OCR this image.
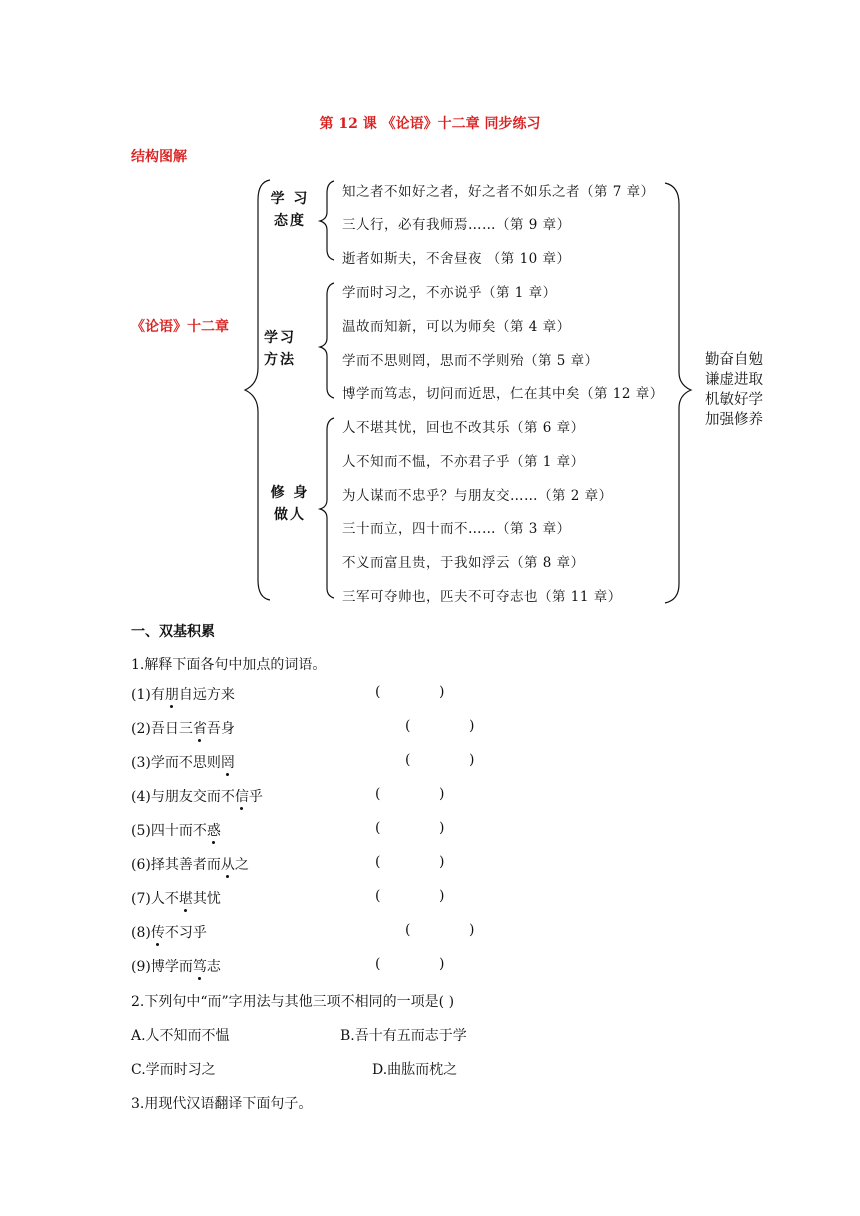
第 12 课 《论语》十二章 同步练习
结构图解
《论语》十二章
学 习
态度
学习
方法
修 身
做人
知之者不如好之者，好之者不如乐之者（第 7 章）
三人行，必有我师焉……（第 9 章）
逝者如斯夫，不舍昼夜 （第 10 章）
学而时习之，不亦说乎（第 1 章）
温故而知新，可以为师矣（第 4 章）
学而不思则罔，思而不学则殆（第 5 章）
博学而笃志，切问而近思，仁在其中矣（第 12 章）
人不堪其忧，回也不改其乐（第 6 章）
人不知而不愠，不亦君子乎（第 1 章）
为人谋而不忠乎？与朋友交……（第 2 章）
三十而立，四十而不……（第 3 章）
不义而富且贵，于我如浮云（第 8 章）
三军可夺帅也，匹夫不可夺志也（第 11 章）
勤奋自勉
谦虚进取
机敏好学
加强修养
一、双基积累
1.解释下面各句中加点的词语。
(1)有朋自远方来	(	)
(2)吾日三省吾身	(	)
(3)学而不思则罔	(	)
(4)与朋友交而不信乎	(	)
(5)四十而不惑	(	)
(6)择其善者而从之	(	)
(7)人不堪其忧	(	)
(8)传不习乎	(	)
(9)博学而笃志	(	)
2.下列句中“而”字用法与其他三项不相同的一项是( )
A.人不知而不愠	B.吾十有五而志于学
C.学而时习之	D.曲肱而枕之
3.用现代汉语翻译下面句子。
